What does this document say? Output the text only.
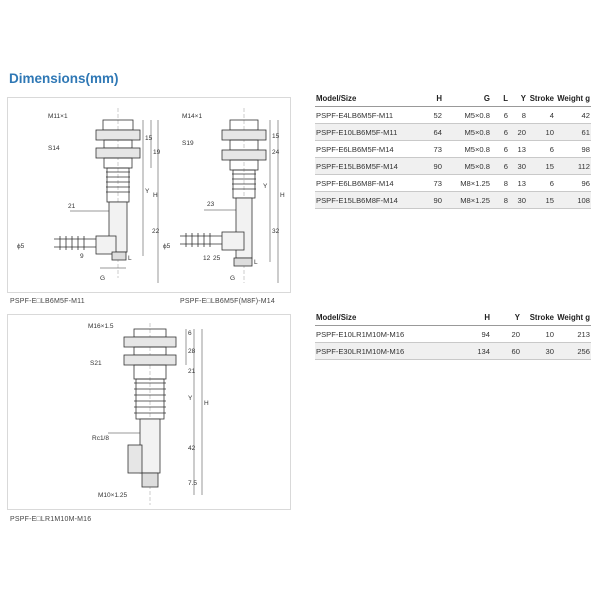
Dimensions(mm)
M11×1
S14
15
19
21
Y
H
22
ϕ5
9
G
L
M14×1
S19
15
24
23
Y
H
32
ϕ5
12 25
G
L
PSPF-E□LB6M5F-M11	PSPF-E□LB6M5F(M8F)-M14
M16×1.5
6
28
S21
21
Y
H
Rc1/8
42
7.5
M10×1.25
PSPF-E□LR1M10M-M16
Model/Size	H	G	L	Y	Stroke	Weight g
PSPF-E4LB6M5F-M11	52	M5×0.8	6	8	4	42
PSPF-E10LB6M5F-M11	64	M5×0.8	6	20	10	61
PSPF-E6LB6M5F-M14	73	M5×0.8	6	13	6	98
PSPF-E15LB6M5F-M14	90	M5×0.8	6	30	15	112
PSPF-E6LB6M8F-M14	73	M8×1.25	8	13	6	96
PSPF-E15LB6M8F-M14	90	M8×1.25	8	30	15	108
Model/Size	H	Y	Stroke	Weight g
PSPF-E10LR1M10M-M16	94	20	10	213
PSPF-E30LR1M10M-M16	134	60	30	256
